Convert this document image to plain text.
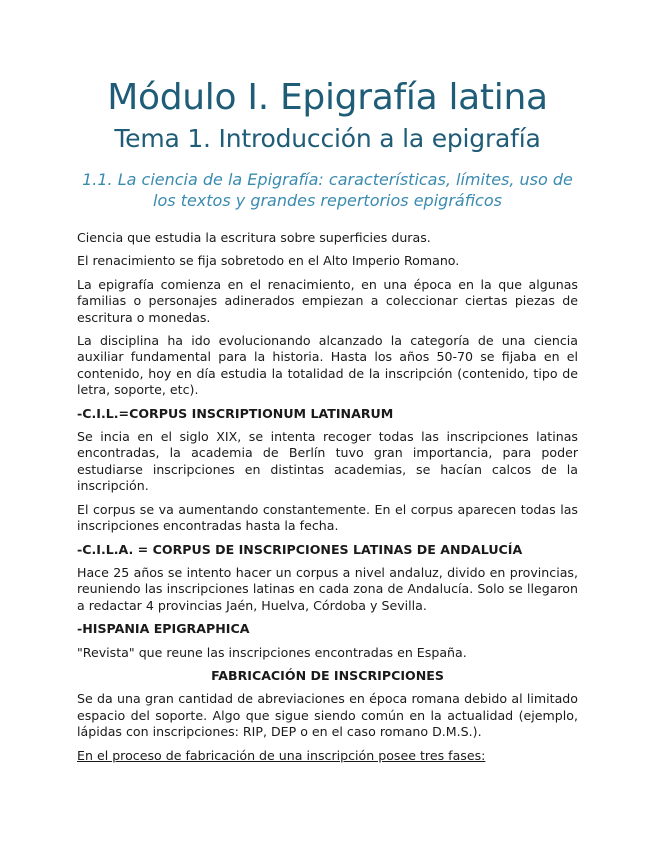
Módulo I. Epigrafía latina
Tema 1. Introducción a la epigrafía
1.1. La ciencia de la Epigrafía: características, límites, uso de los textos y grandes repertorios epigráficos

Ciencia que estudia la escritura sobre superficies duras.

El renacimiento se fija sobretodo en el Alto Imperio Romano.

La epigrafía comienza en el renacimiento, en una época en la que algunas familias o personajes adinerados empiezan a coleccionar ciertas piezas de escritura o monedas.

La disciplina ha ido evolucionando alcanzado la categoría de una ciencia auxiliar fundamental para la historia. Hasta los años 50-70 se fijaba en el contenido, hoy en día estudia la totalidad de la inscripción (contenido, tipo de letra, soporte, etc).

-C.I.L.=CORPUS INSCRIPTIONUM LATINARUM

Se incia en el siglo XIX, se intenta recoger todas las inscripciones latinas encontradas, la academia de Berlín tuvo gran importancia, para poder estudiarse inscripciones en distintas academias, se hacían calcos de la inscripción.

El corpus se va aumentando constantemente. En el corpus aparecen todas las inscripciones encontradas hasta la fecha.

-C.I.L.A. = CORPUS DE INSCRIPCIONES LATINAS DE ANDALUCÍA

Hace 25 años se intento hacer un corpus a nivel andaluz, divido en provincias, reuniendo las inscripciones latinas en cada zona de Andalucía. Solo se llegaron a redactar 4 provincias Jaén, Huelva, Córdoba y Sevilla.

-HISPANIA EPIGRAPHICA

"Revista" que reune las inscripciones encontradas en España.

FABRICACIÓN DE INSCRIPCIONES

Se da una gran cantidad de abreviaciones en época romana debido al limitado espacio del soporte. Algo que sigue siendo común en la actualidad (ejemplo, lápidas con inscripciones: RIP, DEP o en el caso romano D.M.S.).

En el proceso de fabricación de una inscripción posee tres fases:
